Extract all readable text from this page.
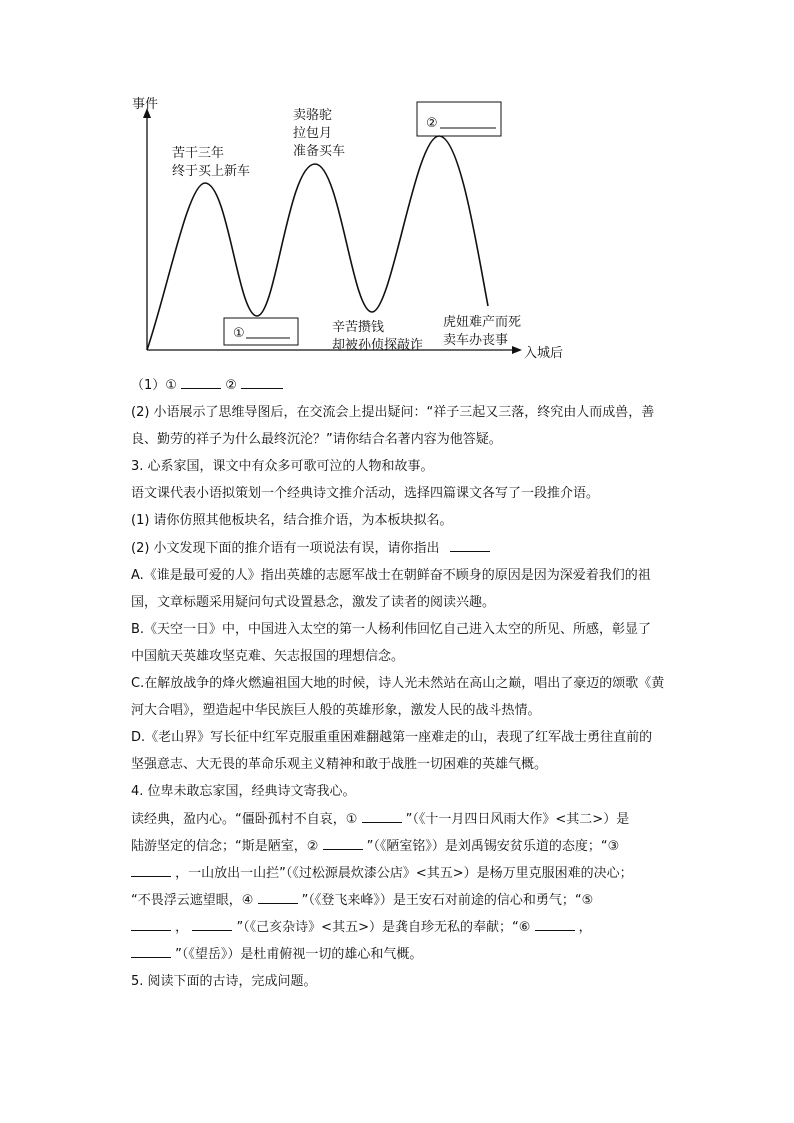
事件
入城后
苦干三年
终于买上新车
卖骆驼
拉包月
准备买车
②
①	辛苦攒钱
却被孙侦探敲诈
虎妞难产而死
卖车办丧事
（1）①	②
(2) 小语展示了思维导图后，在交流会上提出疑问：“祥子三起又三落，终究由人而成兽，善
良、勤劳的祥子为什么最终沉沦？”请你结合名著内容为他答疑。
3. 心系家国，课文中有众多可歌可泣的人物和故事。
语文课代表小语拟策划一个经典诗文推介活动，选择四篇课文各写了一段推介语。
(1) 请你仿照其他板块名，结合推介语，为本板块拟名。
(2) 小文发现下面的推介语有一项说法有误，请你指出
A.《谁是最可爱的人》指出英雄的志愿军战士在朝鲜奋不顾身的原因是因为深爱着我们的祖
国，文章标题采用疑问句式设置悬念，激发了读者的阅读兴趣。
B.《天空一日》中，中国进入太空的第一人杨利伟回忆自己进入太空的所见、所感，彰显了
中国航天英雄攻坚克难、矢志报国的理想信念。
C.在解放战争的烽火燃遍祖国大地的时候，诗人光未然站在高山之巅，唱出了豪迈的颂歌《黄
河大合唱》，塑造起中华民族巨人般的英雄形象，激发人民的战斗热情。
D.《老山界》写长征中红军克服重重困难翻越第一座难走的山，表现了红军战士勇往直前的
坚强意志、大无畏的革命乐观主义精神和敢于战胜一切困难的英雄气概。
4. 位卑未敢忘家国，经典诗文寄我心。
读经典，盈内心。“僵卧孤村不自哀，①	”（《十一月四日风雨大作》<其二>）是
陆游坚定的信念；“斯是陋室，②	”（《陋室铭》）是刘禹锡安贫乐道的态度；“③
，一山放出一山拦”（《过松源晨炊漆公店》<其五>）是杨万里克服困难的决心；
“不畏浮云遮望眼，④	”（《登飞来峰》）是王安石对前途的信心和勇气；“⑤
，	”（《己亥杂诗》<其五>）是龚自珍无私的奉献；“⑥	，
”（《望岳》）是杜甫俯视一切的雄心和气概。
5. 阅读下面的古诗，完成问题。
